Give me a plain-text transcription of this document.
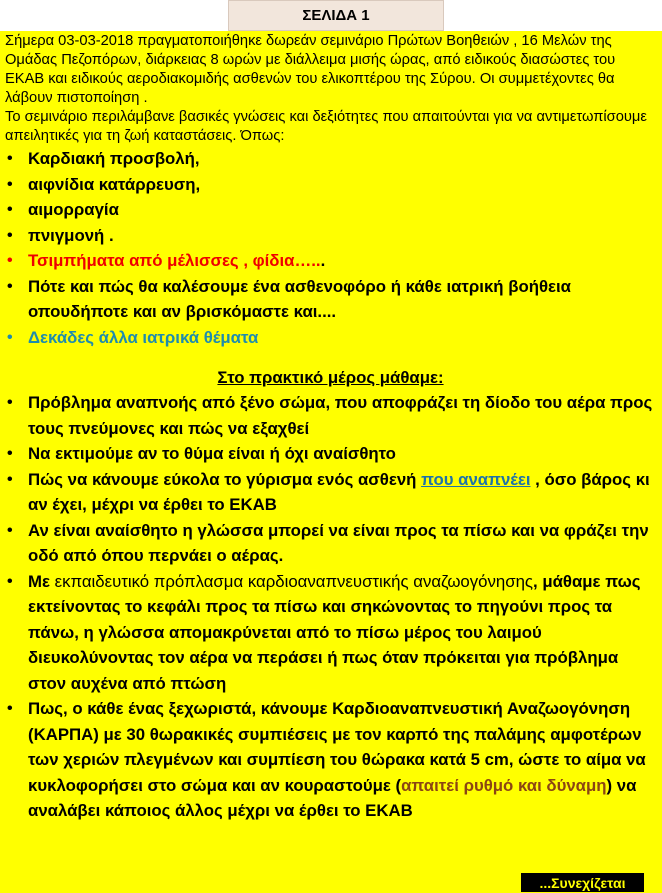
ΣΕΛΙΔΑ 1

Σήμερα 03-03-2018 πραγματοποιήθηκε δωρεάν σεμινάριο Πρώτων Βοηθειών , 16 Μελών της Ομάδας Πεζοπόρων, διάρκειας 8 ωρών με διάλλειμα μισής ώρας, από ειδικούς διασώστες του ΕΚΑΒ και ειδικούς αεροδιακομιδής ασθενών του ελικοπτέρου της Σύρου. Οι συμμετέχοντες θα λάβουν πιστοποίηση .

Το σεμινάριο περιλάμβανε βασικές γνώσεις και δεξιότητες που απαιτούνται για να αντιμετωπίσουμε απειλητικές για τη ζωή καταστάσεις. Όπως:

• Καρδιακή προσβολή,
• αιφνίδια κατάρρευση,
• αιμορραγία
• πνιγμονή .
• Τσιμπήματα από μέλισσες , φίδια…...
• Πότε και πώς θα καλέσουμε ένα ασθενοφόρο ή κάθε ιατρική βοήθεια οπουδήποτε και αν βρισκόμαστε και....
• Δεκάδες άλλα ιατρικά θέματα
Στο πρακτικό μέρος μάθαμε:
• Πρόβλημα αναπνοής από ξένο σώμα, που αποφράζει τη δίοδο του αέρα προς τους πνεύμονες και πώς να εξαχθεί
• Να εκτιμούμε αν το θύμα είναι ή όχι αναίσθητο
• Πώς να κάνουμε εύκολα το γύρισμα ενός ασθενή που αναπνέει , όσο βάρος κι αν έχει, μέχρι να έρθει το ΕΚΑΒ
• Αν είναι αναίσθητο η γλώσσα μπορεί να είναι προς τα πίσω και να φράζει την οδό από όπου περνάει ο αέρας.
• Με εκπαιδευτικό πρόπλασμα καρδιοαναπνευστικής αναζωογόνησης, μάθαμε πως εκτείνοντας το κεφάλι προς τα πίσω και σηκώνοντας το πηγούνι προς τα πάνω, η γλώσσα απομακρύνεται από το πίσω μέρος του λαιμού διευκολύνοντας τον αέρα να περάσει ή πως όταν πρόκειται για πρόβλημα στον αυχένα από πτώση
• Πως, ο κάθε ένας ξεχωριστά, κάνουμε Καρδιοαναπνευστική Αναζωογόνηση (ΚΑΡΠΑ) με 30 θωρακικές συμπιέσεις με τον καρπό της παλάμης αμφοτέρων των χεριών πλεγμένων και συμπίεση του θώρακα κατά 5 cm, ώστε το αίμα να κυκλοφορήσει στο σώμα και αν κουραστούμε (απαιτεί ρυθμό και δύναμη) να αναλάβει κάποιος άλλος μέχρι να έρθει το ΕΚΑΒ
...Συνεχίζεται
